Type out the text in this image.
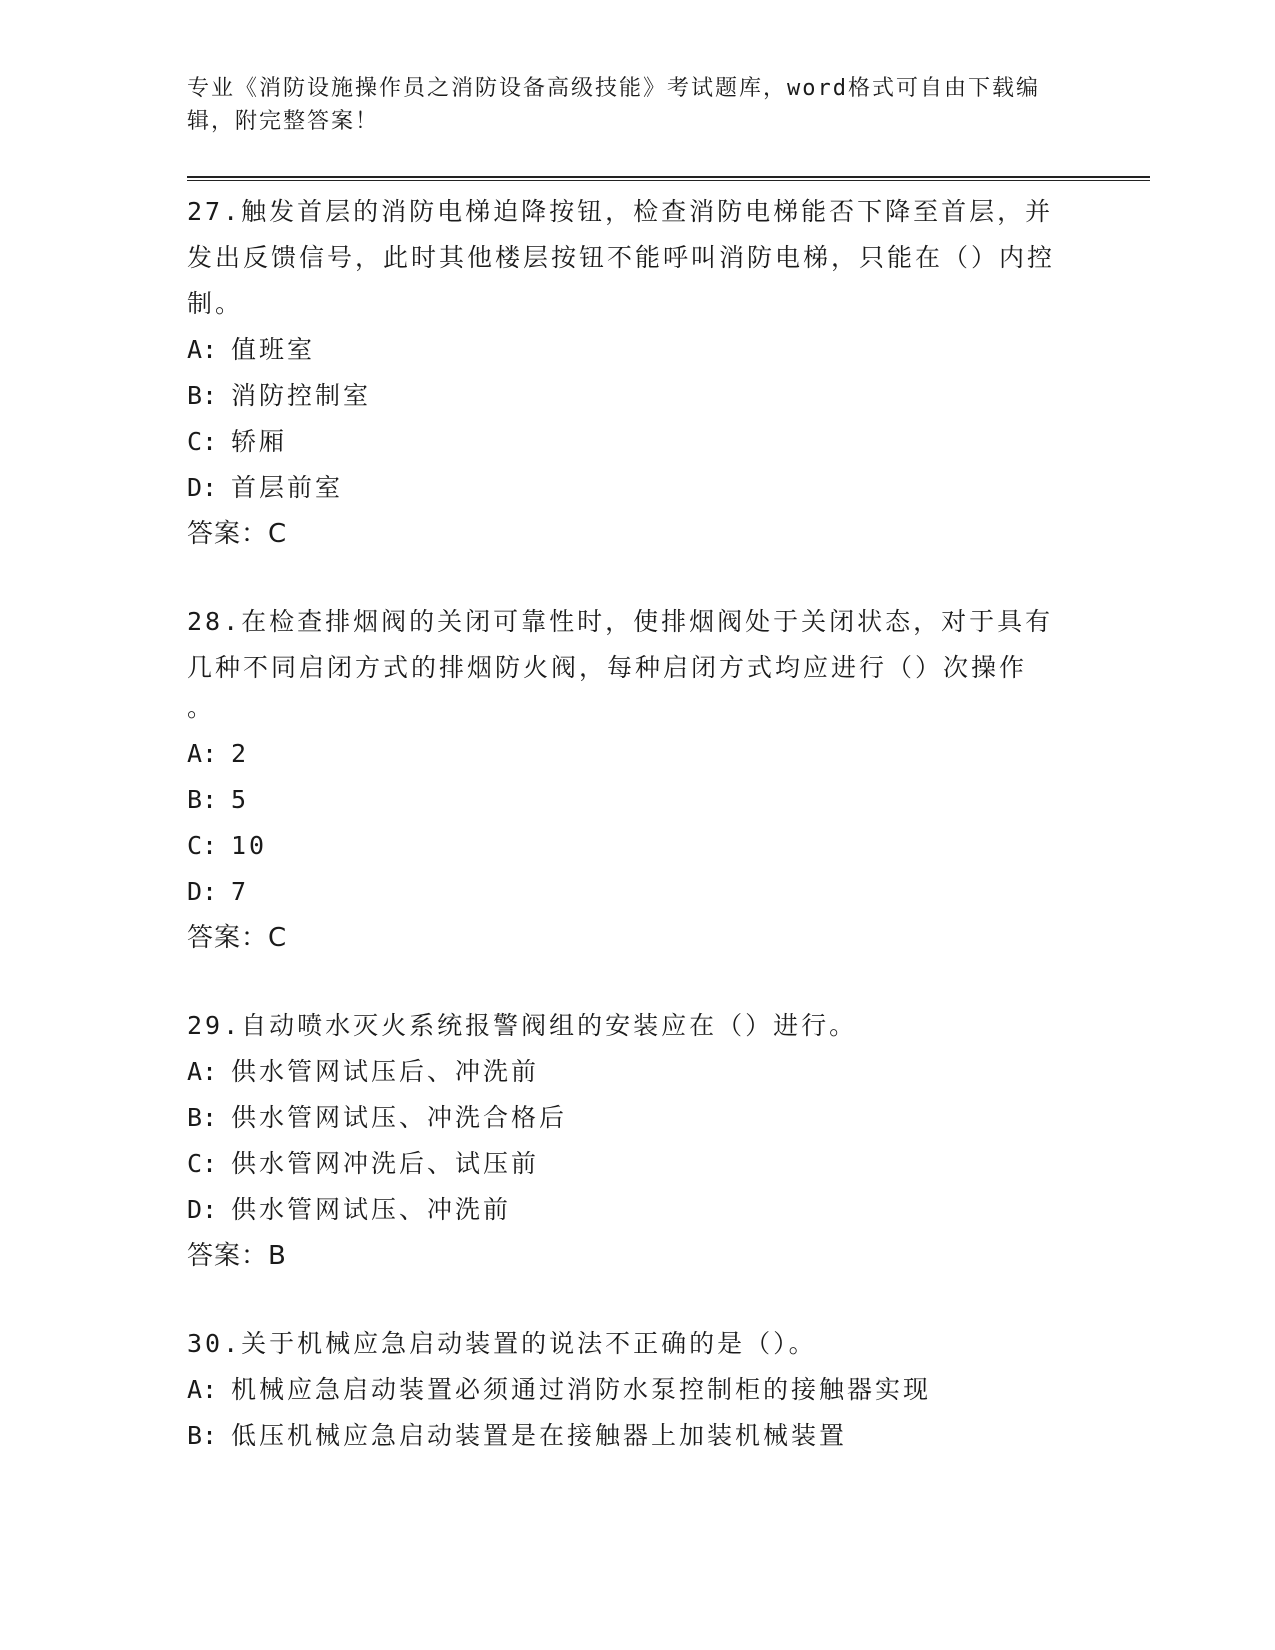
专业《消防设施操作员之消防设备高级技能》考试题库，word格式可自由下载编辑，附完整答案！

27.触发首层的消防电梯迫降按钮，检查消防电梯能否下降至首层，并发出反馈信号，此时其他楼层按钮不能呼叫消防电梯，只能在（）内控制。

A: 值班室
B: 消防控制室
C: 轿厢
D: 首层前室

答案：C

28.在检查排烟阀的关闭可靠性时，使排烟阀处于关闭状态，对于具有几种不同启闭方式的排烟防火阀，每种启闭方式均应进行（）次操作

。

A: 2
B: 5
C: 10
D: 7

答案：C

29.自动喷水灭火系统报警阀组的安装应在（）进行。

A: 供水管网试压后、冲洗前
B: 供水管网试压、冲洗合格后
C: 供水管网冲洗后、试压前
D: 供水管网试压、冲洗前

答案：B

30.关于机械应急启动装置的说法不正确的是（）。

A: 机械应急启动装置必须通过消防水泵控制柜的接触器实现
B: 低压机械应急启动装置是在接触器上加装机械装置
